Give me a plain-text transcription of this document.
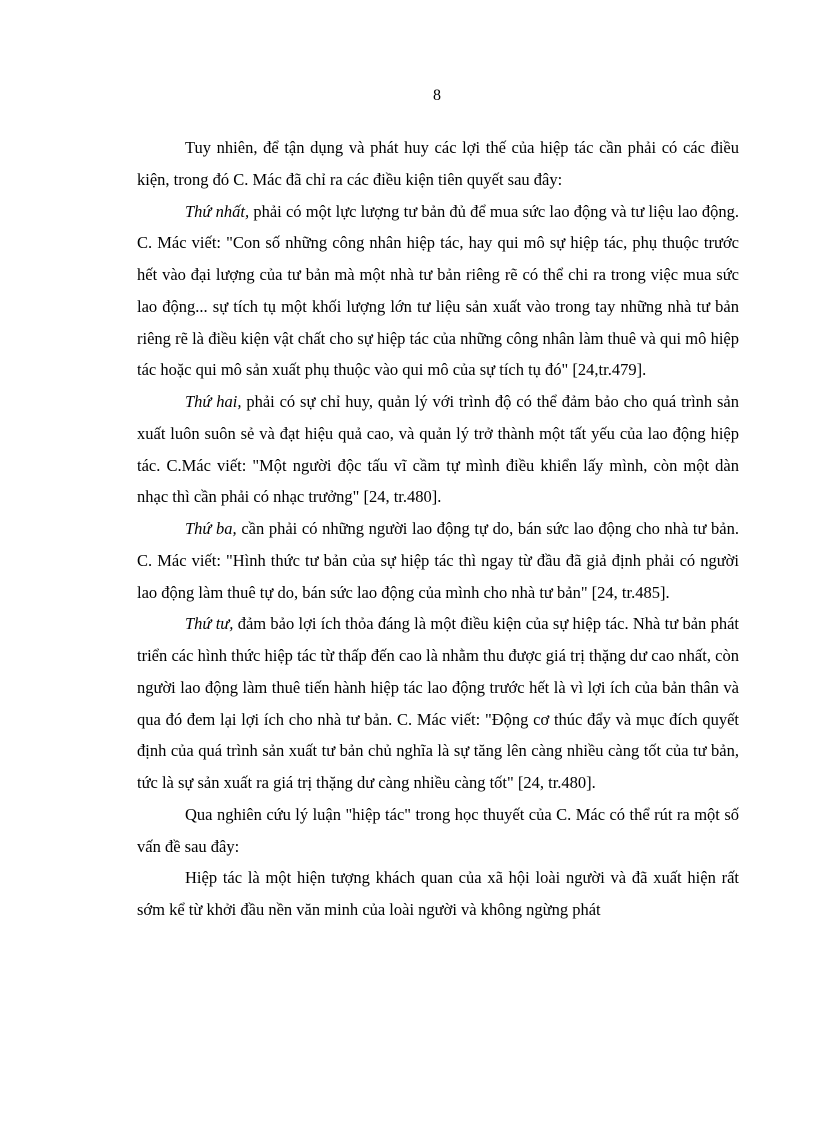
8

Tuy nhiên, để tận dụng và phát huy các lợi thế của hiệp tác cần phải có các điều kiện, trong đó C. Mác đã chỉ ra các điều kiện tiên quyết sau đây:

Thứ nhất, phải có một lực lượng tư bản đủ để mua sức lao động và tư liệu lao động. C. Mác viết: "Con số những công nhân hiệp tác, hay qui mô sự hiệp tác, phụ thuộc trước hết vào đại lượng của tư bản mà một nhà tư bản riêng rẽ có thể chi ra trong việc mua sức lao động... sự tích tụ một khối lượng lớn tư liệu sản xuất vào trong tay những nhà tư bản riêng rẽ là điều kiện vật chất cho sự hiệp tác của những công nhân làm thuê và qui mô hiệp tác hoặc qui mô sản xuất phụ thuộc vào qui mô của sự tích tụ đó" [24,tr.479].

Thứ hai, phải có sự chỉ huy, quản lý với trình độ có thể đảm bảo cho quá trình sản xuất luôn suôn sẻ và đạt hiệu quả cao, và quản lý trở thành một tất yếu của lao động hiệp tác. C.Mác viết: "Một người độc tấu vĩ cầm tự mình điều khiển lấy mình, còn một dàn nhạc thì cần phải có nhạc trưởng" [24, tr.480].

Thứ ba, cần phải có những người lao động tự do, bán sức lao động cho nhà tư bản. C. Mác viết: "Hình thức tư bản của sự hiệp tác thì ngay từ đầu đã giả định phải có người lao động làm thuê tự do, bán sức lao động của mình cho nhà tư bản" [24, tr.485].

Thứ tư, đảm bảo lợi ích thỏa đáng là một điều kiện của sự hiệp tác. Nhà tư bản phát triển các hình thức hiệp tác từ thấp đến cao là nhằm thu được giá trị thặng dư cao nhất, còn người lao động làm thuê tiến hành hiệp tác lao động trước hết là vì lợi ích của bản thân và qua đó đem lại lợi ích cho nhà tư bản. C. Mác viết: "Động cơ thúc đẩy và mục đích quyết định của quá trình sản xuất tư bản chủ nghĩa là sự tăng lên càng nhiều càng tốt của tư bản, tức là sự sản xuất ra giá trị thặng dư càng nhiều càng tốt" [24, tr.480].

Qua nghiên cứu lý luận "hiệp tác" trong học thuyết của C. Mác có thể rút ra một số vấn đề sau đây:

Hiệp tác là một hiện tượng khách quan của xã hội loài người và đã xuất hiện rất sớm kể từ khởi đầu nền văn minh của loài người và không ngừng phát
